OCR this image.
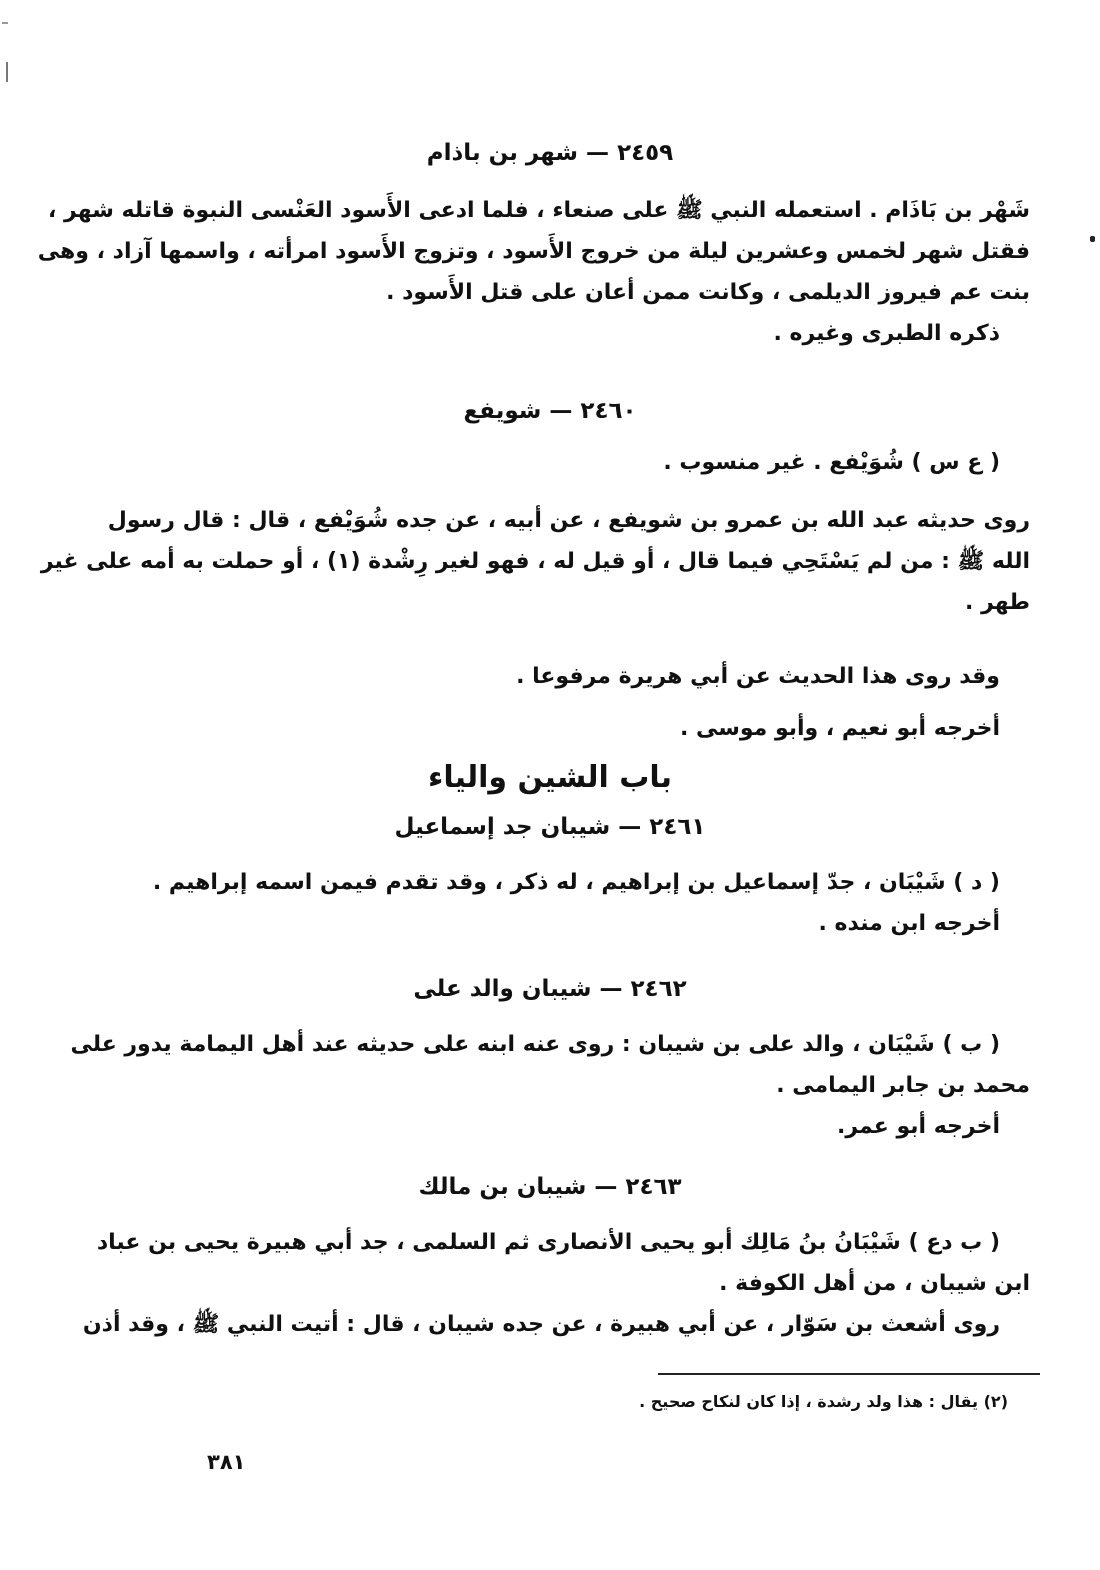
٢٤٥٩ — شهر بن باذام
شَهْر بن بَاذَام . استعمله النبي ﷺ على صنعاء ، فلما ادعى الأَسود العَنْسى النبوة قاتله شهر ،
فقتل شهر لخمس وعشرين ليلة من خروج الأَسود ، وتزوج الأَسود امرأته ، واسمها آزاد ، وهى
بنت عم فيروز الديلمى ، وكانت ممن أعان على قتل الأَسود .
ذكره الطبرى وغيره .
٢٤٦٠ — شويفع
( ع س ) شُوَيْفع . غير منسوب .
روى حديثه عبد الله بن عمرو بن شويفع ، عن أبيه ، عن جده شُوَيْفع ، قال : قال رسول
الله ﷺ : من لم يَسْتَحِي فيما قال ، أو قيل له ، فهو لغير رِشْدة (١) ، أو حملت به أمه على غير
طهر .
وقد روى هذا الحديث عن أبي هريرة مرفوعا .
أخرجه أبو نعيم ، وأبو موسى .
باب الشين والياء
٢٤٦١ — شيبان جد إسماعيل
( د ) شَيْبَان ، جدّ إسماعيل بن إبراهيم ، له ذكر ، وقد تقدم فيمن اسمه إبراهيم .
أخرجه ابن منده .
٢٤٦٢ — شيبان والد على
( ب ) شَيْبَان ، والد على بن شيبان : روى عنه ابنه على حديثه عند أهل اليمامة يدور على
محمد بن جابر اليمامى .
أخرجه أبو عمر.
٢٤٦٣ — شيبان بن مالك
( ب دع ) شَيْبَانُ بنُ مَالِك أبو يحيى الأنصارى ثم السلمى ، جد أبي هبيرة يحيى بن عباد
ابن شيبان ، من أهل الكوفة .
روى أشعث بن سَوّار ، عن أبي هبيرة ، عن جده شيبان ، قال : أتيت النبي ﷺ ، وقد أذن
(٢) يقال : هذا ولد رشدة ، إذا كان لنكاح صحيح .
٣٨١
